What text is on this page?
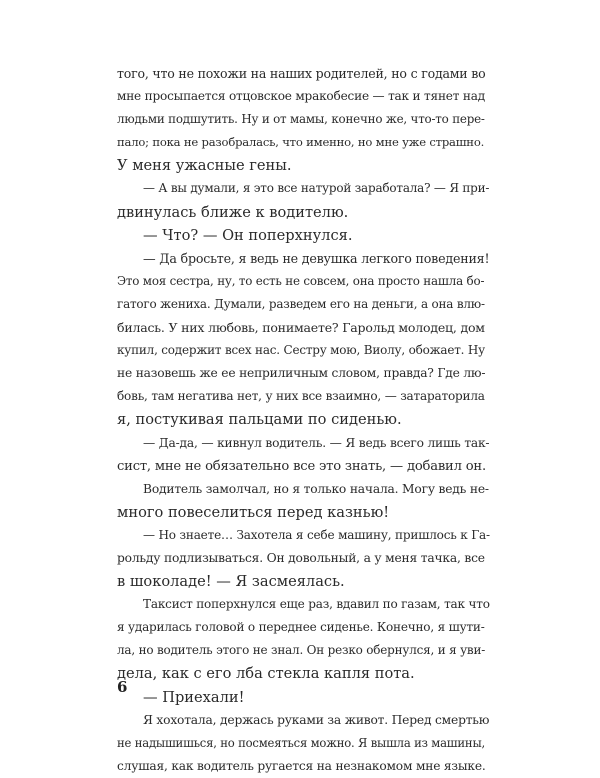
того, что не похожи на наших родителей, но с годами во
мне просыпается отцовское мракобесие — так и тянет над
людьми подшутить. Ну и от мамы, конечно же, что-то пере-
пало; пока не разобралась, что именно, но мне уже страшно.
У меня ужасные гены.
— А вы думали, я это все натурой заработала? — Я при-
двинулась ближе к водителю.
— Что? — Он поперхнулся.
— Да бросьте, я ведь не девушка легкого поведения!
Это моя сестра, ну, то есть не совсем, она просто нашла бо-
гатого жениха. Думали, разведем его на деньги, а она влю-
билась. У них любовь, понимаете? Гарольд молодец, дом
купил, содержит всех нас. Сестру мою, Виолу, обожает. Ну
не назовешь же ее неприличным словом, правда? Где лю-
бовь, там негатива нет, у них все взаимно, — затараторила
я, постукивая пальцами по сиденью.
— Да-да, — кивнул водитель. — Я ведь всего лишь так-
сист, мне не обязательно все это знать, — добавил он.
Водитель замолчал, но я только начала. Могу ведь не-
много повеселиться перед казнью!
— Но знаете… Захотела я себе машину, пришлось к Га-
рольду подлизываться. Он довольный, а у меня тачка, все
в шоколаде! — Я засмеялась.
Таксист поперхнулся еще раз, вдавил по газам, так что
я ударилась головой о переднее сиденье. Конечно, я шути-
ла, но водитель этого не знал. Он резко обернулся, и я уви-
дела, как с его лба стекла капля пота.
— Приехали!
Я хохотала, держась руками за живот. Перед смертью
не надышишься, но посмеяться можно. Я вышла из машины,
слушая, как водитель ругается на незнакомом мне языке.
6
